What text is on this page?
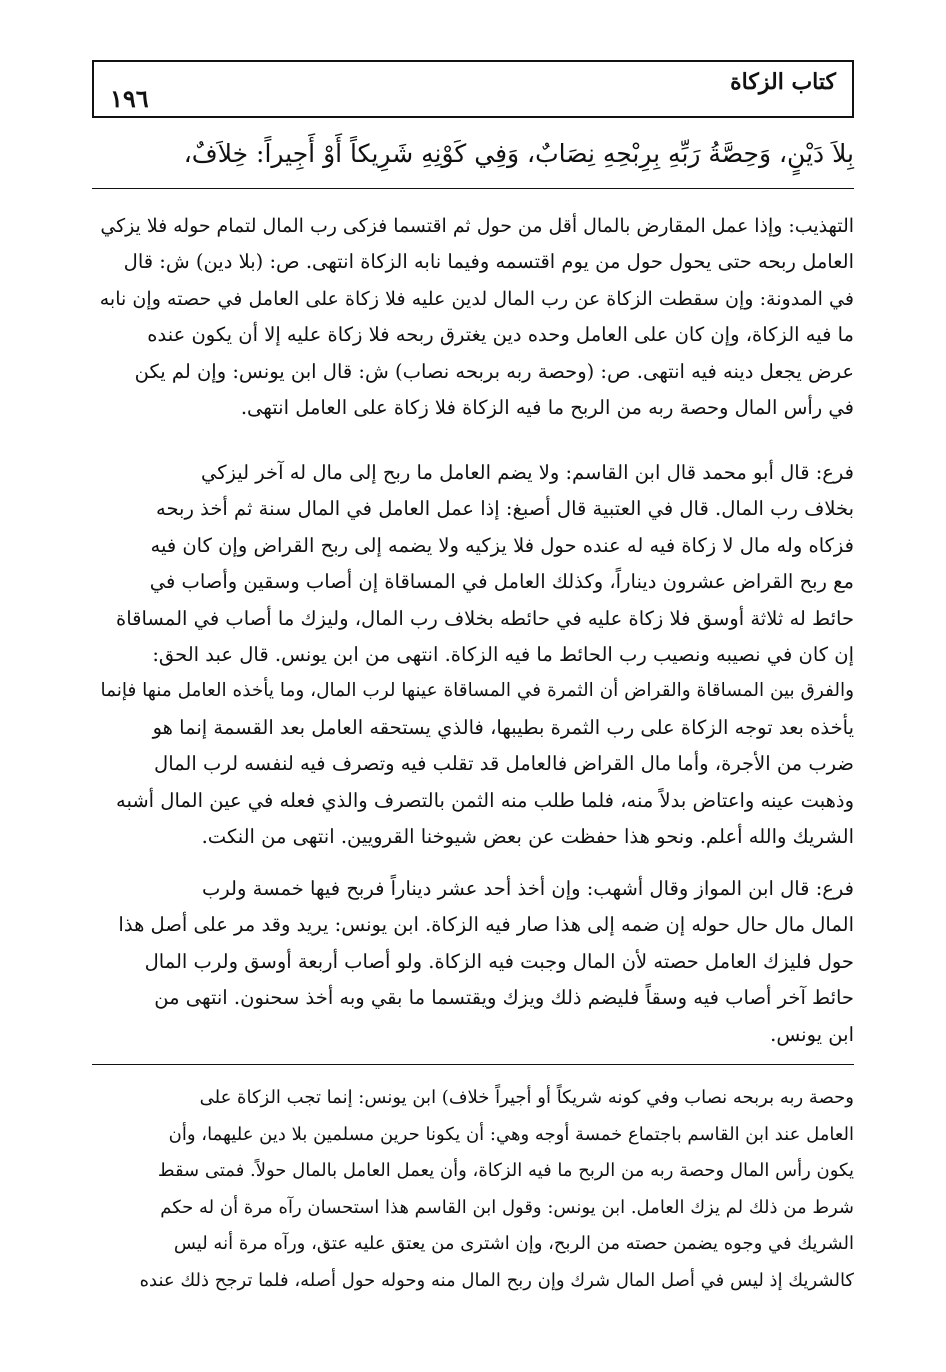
كتاب الزكاة
١٩٦
بِلاَ دَيْنٍ، وَحِصَّةُ رَبِّهِ بِرِبْحِهِ نِصَابٌ، وَفِي كَوْنِهِ شَرِيكاً أَوْ أَجِيراً: خِلاَفٌ،
التهذيب: وإذا عمل المقارض بالمال أقل من حول ثم اقتسما فزكى رب المال لتمام حوله فلا يزكي
العامل ربحه حتى يحول حول من يوم اقتسمه وفيما نابه الزكاة انتهى. ص: (بلا دين) ش: قال
في المدونة: وإن سقطت الزكاة عن رب المال لدين عليه فلا زكاة على العامل في حصته وإن نابه
ما فيه الزكاة، وإن كان على العامل وحده دين يغترق ربحه فلا زكاة عليه إلا أن يكون عنده
عرض يجعل دينه فيه انتهى. ص: (وحصة ربه بربحه نصاب) ش: قال ابن يونس: وإن لم يكن
في رأس المال وحصة ربه من الربح ما فيه الزكاة فلا زكاة على العامل انتهى.
فرع: قال أبو محمد قال ابن القاسم: ولا يضم العامل ما ربح إلى مال له آخر ليزكي
بخلاف رب المال. قال في العتبية قال أصبغ: إذا عمل العامل في المال سنة ثم أخذ ربحه
فزكاه وله مال لا زكاة فيه له عنده حول فلا يزكيه ولا يضمه إلى ربح القراض وإن كان فيه
مع ربح القراض عشرون ديناراً، وكذلك العامل في المساقاة إن أصاب وسقين وأصاب في
حائط له ثلاثة أوسق فلا زكاة عليه في حائطه بخلاف رب المال، وليزك ما أصاب في المساقاة
إن كان في نصيبه ونصيب رب الحائط ما فيه الزكاة. انتهى من ابن يونس. قال عبد الحق:
والفرق بين المساقاة والقراض أن الثمرة في المساقاة عينها لرب المال، وما يأخذه العامل منها فإنما
يأخذه بعد توجه الزكاة على رب الثمرة بطيبها، فالذي يستحقه العامل بعد القسمة إنما هو
ضرب من الأجرة، وأما مال القراض فالعامل قد تقلب فيه وتصرف فيه لنفسه لرب المال
وذهبت عينه واعتاض بدلاً منه، فلما طلب منه الثمن بالتصرف والذي فعله في عين المال أشبه
الشريك والله أعلم. ونحو هذا حفظت عن بعض شيوخنا القرويين. انتهى من النكت.
فرع: قال ابن المواز وقال أشهب: وإن أخذ أحد عشر ديناراً فربح فيها خمسة ولرب
المال مال حال حوله إن ضمه إلى هذا صار فيه الزكاة. ابن يونس: يريد وقد مر على أصل هذا
حول فليزك العامل حصته لأن المال وجبت فيه الزكاة. ولو أصاب أربعة أوسق ولرب المال
حائط آخر أصاب فيه وسقاً فليضم ذلك ويزك ويقتسما ما بقي وبه أخذ سحنون. انتهى من
ابن يونس.
وحصة ربه بربحه نصاب وفي كونه شريكاً أو أجيراً خلاف) ابن يونس: إنما تجب الزكاة على
العامل عند ابن القاسم باجتماع خمسة أوجه وهي: أن يكونا حرين مسلمين بلا دين عليهما، وأن
يكون رأس المال وحصة ربه من الربح ما فيه الزكاة، وأن يعمل العامل بالمال حولاً. فمتى سقط
شرط من ذلك لم يزك العامل. ابن يونس: وقول ابن القاسم هذا استحسان رآه مرة أن له حكم
الشريك في وجوه يضمن حصته من الربح، وإن اشترى من يعتق عليه عتق، ورآه مرة أنه ليس
كالشريك إذ ليس في أصل المال شرك وإن ربح المال منه وحوله حول أصله، فلما ترجح ذلك عنده
